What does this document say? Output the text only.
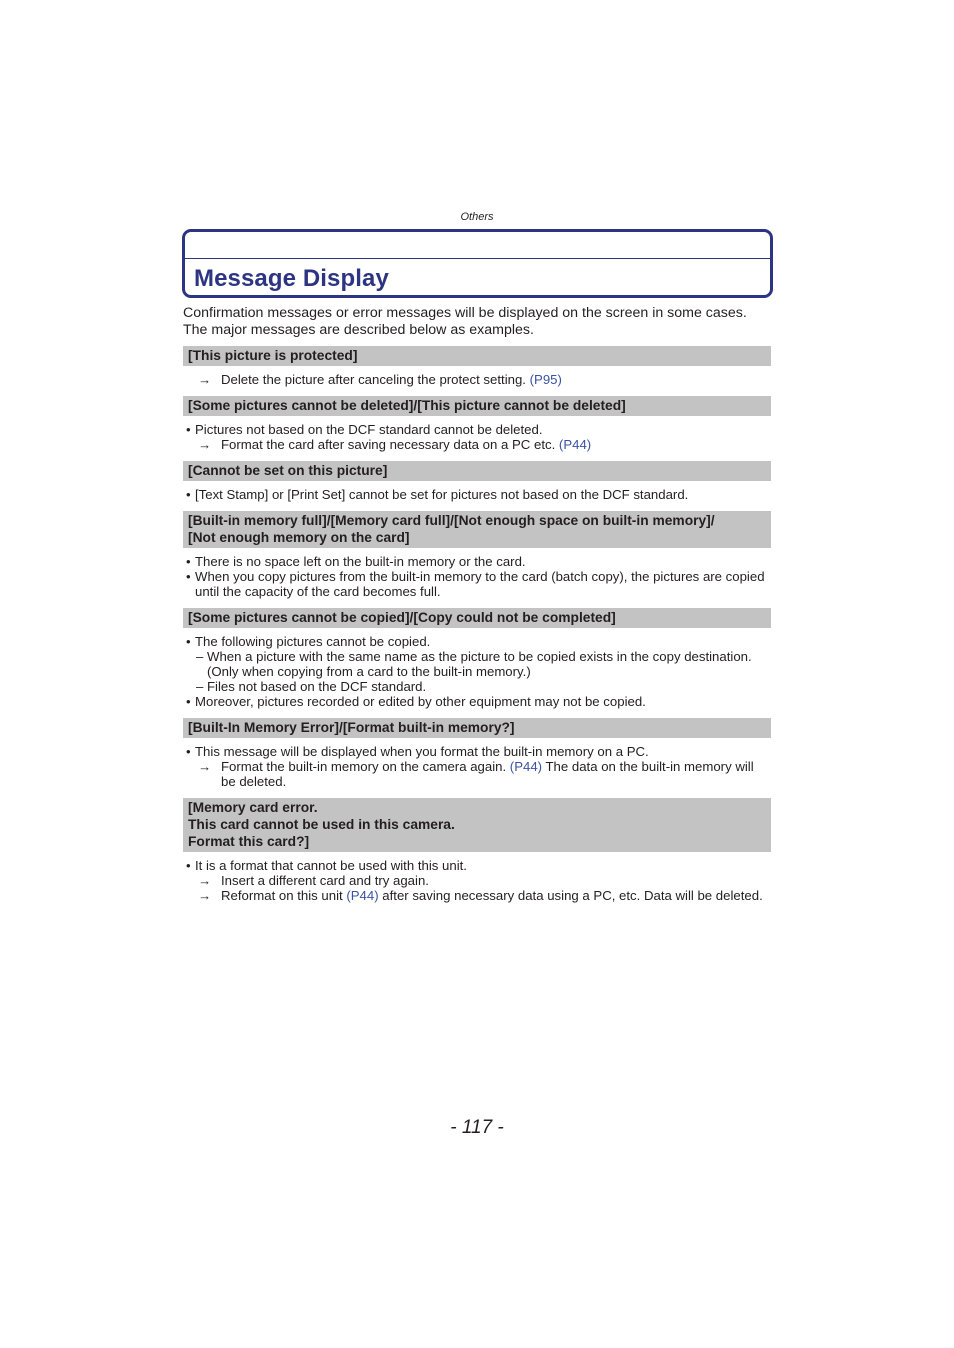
Others
Message Display
Confirmation messages or error messages will be displayed on the screen in some cases.
The major messages are described below as examples.
[This picture is protected]
→ Delete the picture after canceling the protect setting. (P95)
[Some pictures cannot be deleted]/[This picture cannot be deleted]
• Pictures not based on the DCF standard cannot be deleted.
→ Format the card after saving necessary data on a PC etc. (P44)
[Cannot be set on this picture]
• [Text Stamp] or [Print Set] cannot be set for pictures not based on the DCF standard.
[Built-in memory full]/[Memory card full]/[Not enough space on built-in memory]/
[Not enough memory on the card]
• There is no space left on the built-in memory or the card.
• When you copy pictures from the built-in memory to the card (batch copy), the pictures are copied until the capacity of the card becomes full.
[Some pictures cannot be copied]/[Copy could not be completed]
• The following pictures cannot be copied.
– When a picture with the same name as the picture to be copied exists in the copy destination. (Only when copying from a card to the built-in memory.)
– Files not based on the DCF standard.
• Moreover, pictures recorded or edited by other equipment may not be copied.
[Built-In Memory Error]/[Format built-in memory?]
• This message will be displayed when you format the built-in memory on a PC.
→ Format the built-in memory on the camera again. (P44) The data on the built-in memory will be deleted.
[Memory card error.
This card cannot be used in this camera.
Format this card?]
• It is a format that cannot be used with this unit.
→ Insert a different card and try again.
→ Reformat on this unit (P44) after saving necessary data using a PC, etc. Data will be deleted.
- 117 -
